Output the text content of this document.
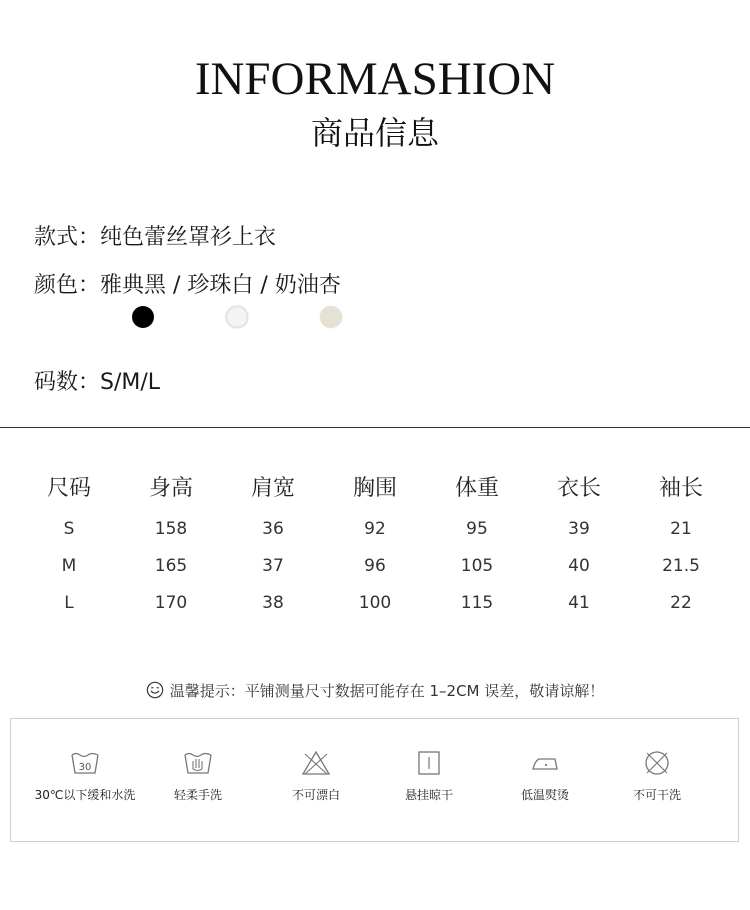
INFORMASHION
商品信息
款式：纯色蕾丝罩衫上衣
颜色：雅典黑 / 珍珠白 / 奶油杏
码数：S/M/L
尺码	身高	肩宽	胸围	体重	衣长	袖长
S	158	36	92	95	39	21
M	165	37	96	105	40	21.5
L	170	38	100	115	41	22
温馨提示：平铺测量尺寸数据可能存在 1–2CM 误差，敬请谅解！
30
30℃以下缓和水洗	轻柔手洗	不可漂白	悬挂晾干	低温熨烫	不可干洗
